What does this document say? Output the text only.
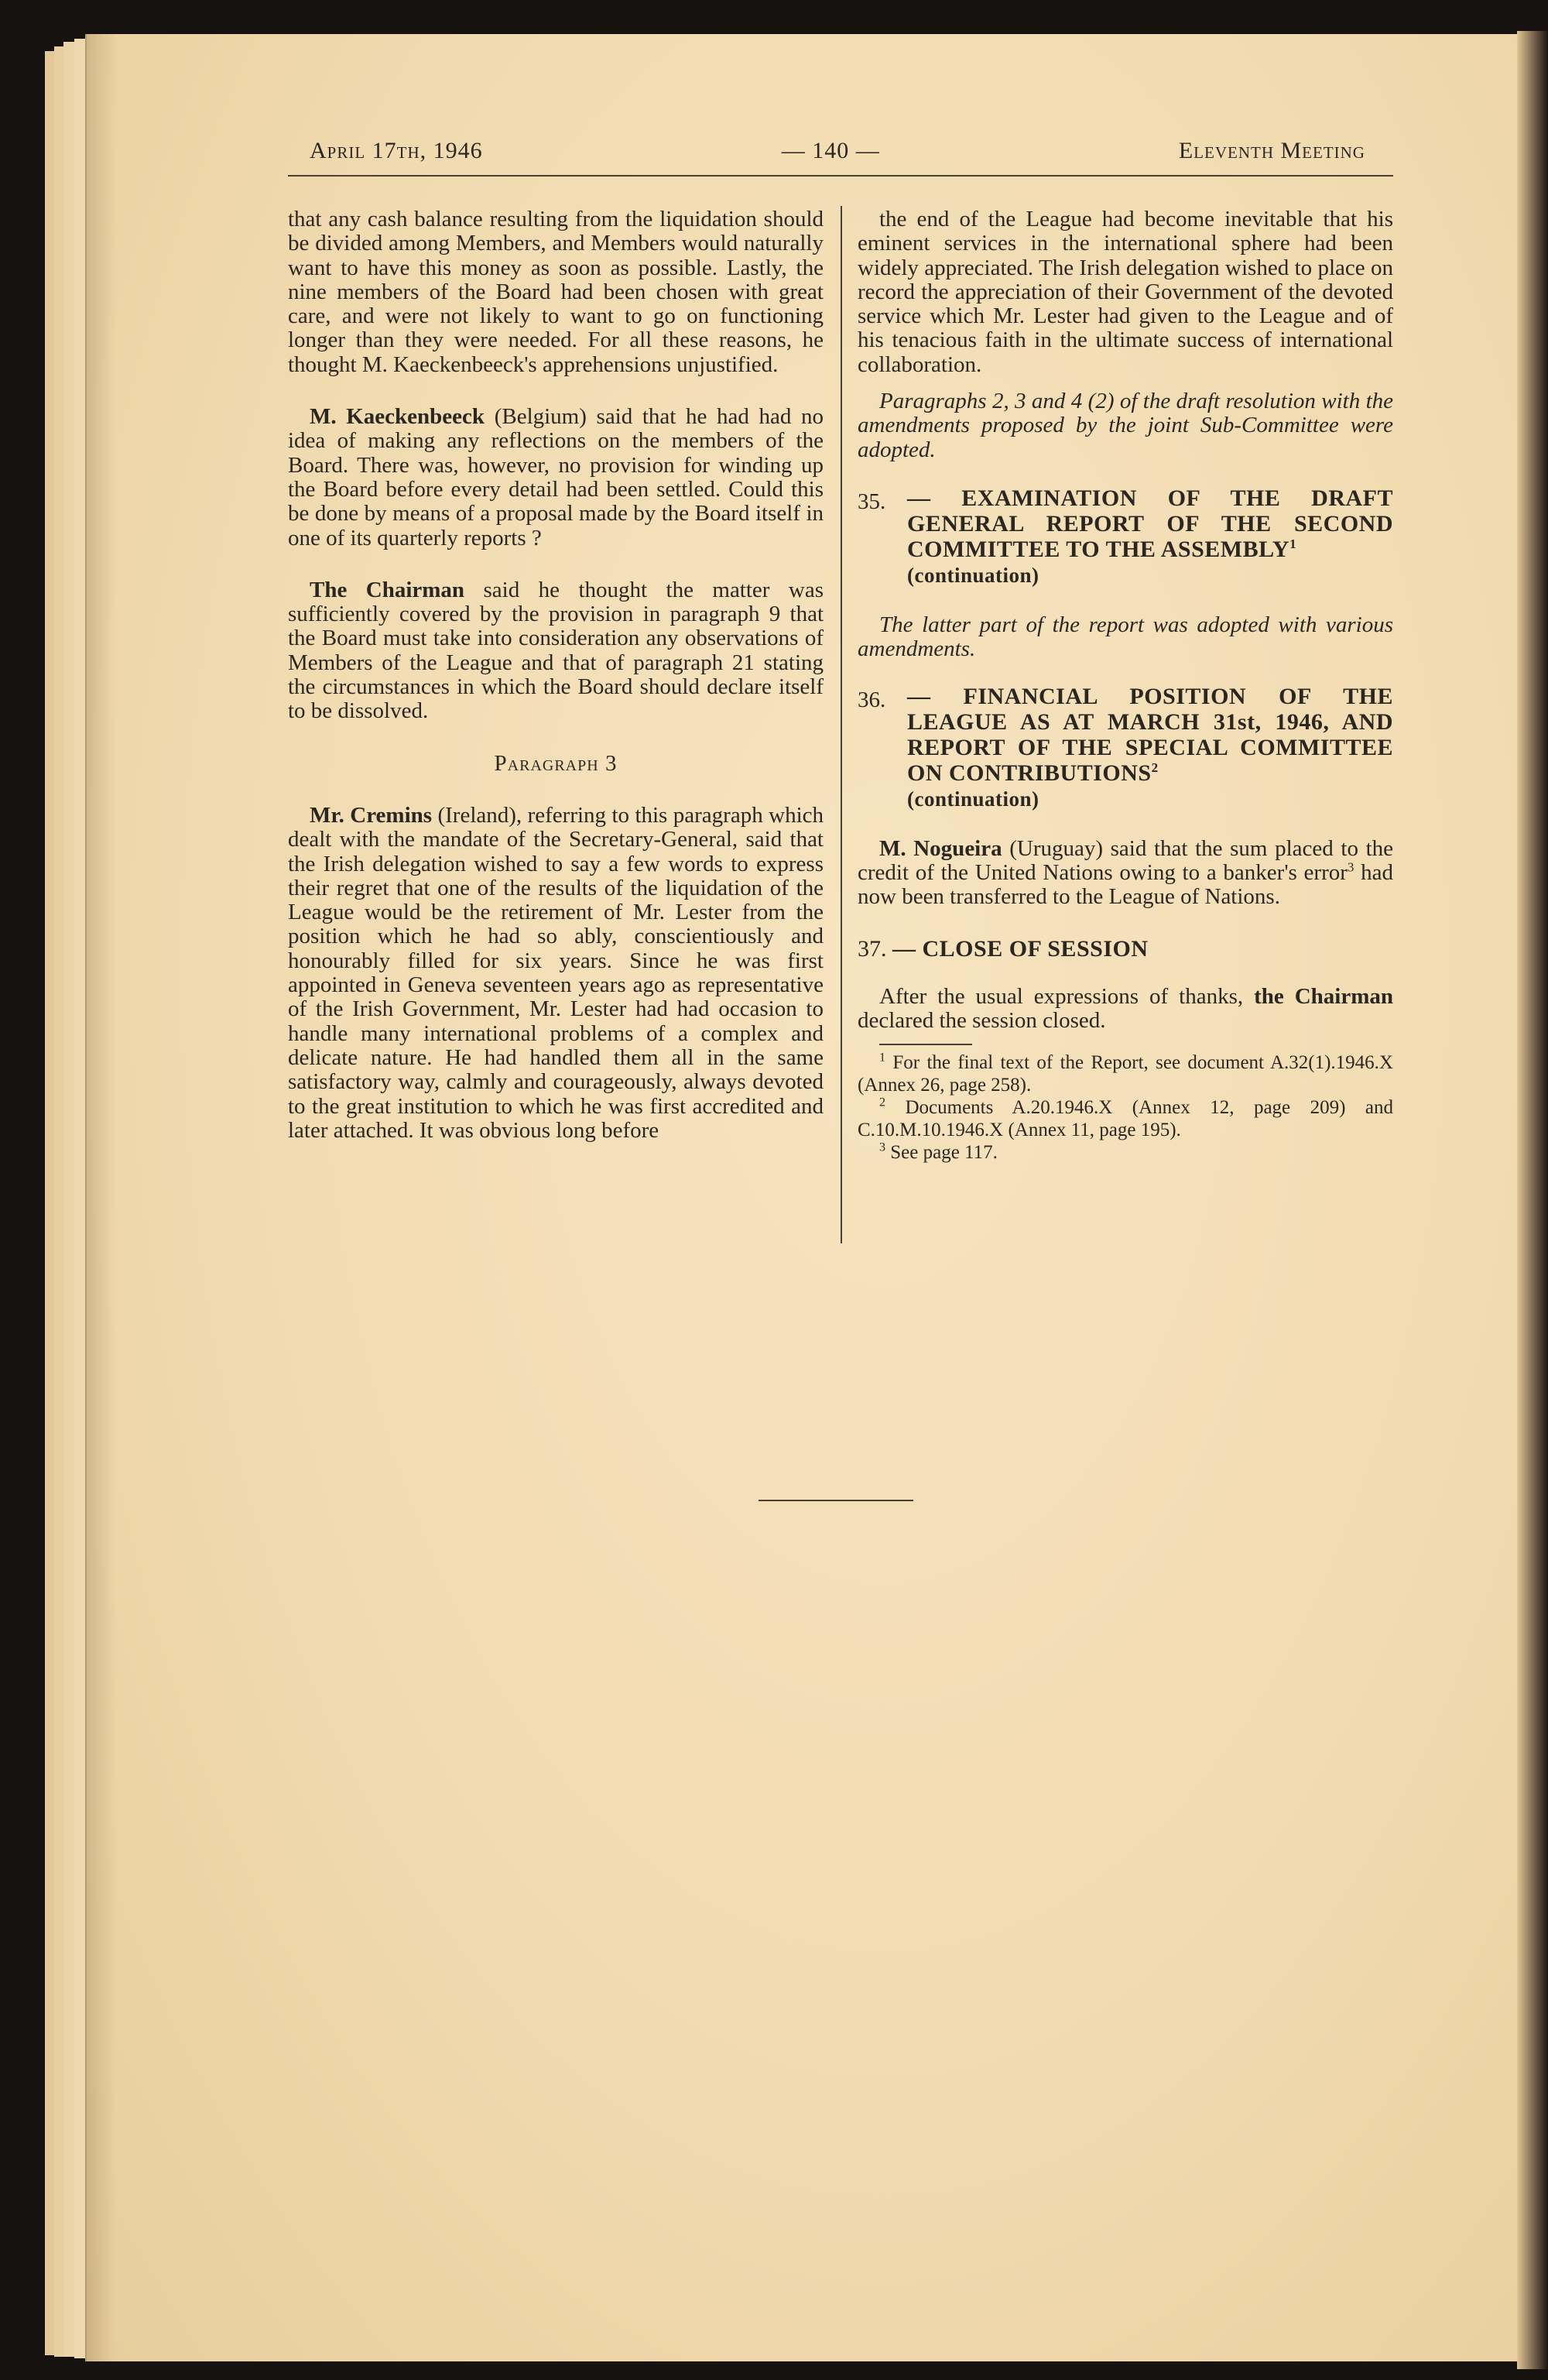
April 17th, 1946	— 140 —	Eleventh Meeting

that any cash balance resulting from the liquidation should be divided among Members, and Members would naturally want to have this money as soon as possible. Lastly, the nine members of the Board had been chosen with great care, and were not likely to want to go on functioning longer than they were needed. For all these reasons, he thought M. Kaeckenbeeck's apprehensions unjustified.

M. Kaeckenbeeck (Belgium) said that he had had no idea of making any reflections on the members of the Board. There was, however, no provision for winding up the Board before every detail had been settled. Could this be done by means of a proposal made by the Board itself in one of its quarterly reports ?

The Chairman said he thought the matter was sufficiently covered by the provision in paragraph 9 that the Board must take into consideration any observations of Members of the League and that of paragraph 21 stating the circumstances in which the Board should declare itself to be dissolved.

Paragraph 3

Mr. Cremins (Ireland), referring to this paragraph which dealt with the mandate of the Secretary-General, said that the Irish delegation wished to say a few words to express their regret that one of the results of the liquidation of the League would be the retirement of Mr. Lester from the position which he had so ably, conscientiously and honourably filled for six years. Since he was first appointed in Geneva seventeen years ago as representative of the Irish Government, Mr. Lester had had occasion to handle many international problems of a complex and delicate nature. He had handled them all in the same satisfactory way, calmly and courageously, always devoted to the great institution to which he was first accredited and later attached. It was obvious long before

the end of the League had become inevitable that his eminent services in the international sphere had been widely appreciated. The Irish delegation wished to place on record the appreciation of their Government of the devoted service which Mr. Lester had given to the League and of his tenacious faith in the ultimate success of international collaboration.

Paragraphs 2, 3 and 4 (2) of the draft resolution with the amendments proposed by the joint Sub-Committee were adopted.

35. — EXAMINATION OF THE DRAFT GENERAL REPORT OF THE SECOND COMMITTEE TO THE ASSEMBLY$^1$
(continuation)

The latter part of the report was adopted with various amendments.

36. — FINANCIAL POSITION OF THE LEAGUE AS AT MARCH 31st, 1946, AND REPORT OF THE SPECIAL COMMITTEE ON CONTRIBUTIONS$^2$
(continuation)

M. Nogueira (Uruguay) said that the sum placed to the credit of the United Nations owing to a banker's error$^3$ had now been transferred to the League of Nations.

37. — CLOSE OF SESSION

After the usual expressions of thanks, the Chairman declared the session closed.

$^1$ For the final text of the Report, see document A.32(1).1946.X (Annex 26, page 258).

$^2$ Documents A.20.1946.X (Annex 12, page 209) and C.10.M.10.1946.X (Annex 11, page 195).

$^3$ See page 117.
